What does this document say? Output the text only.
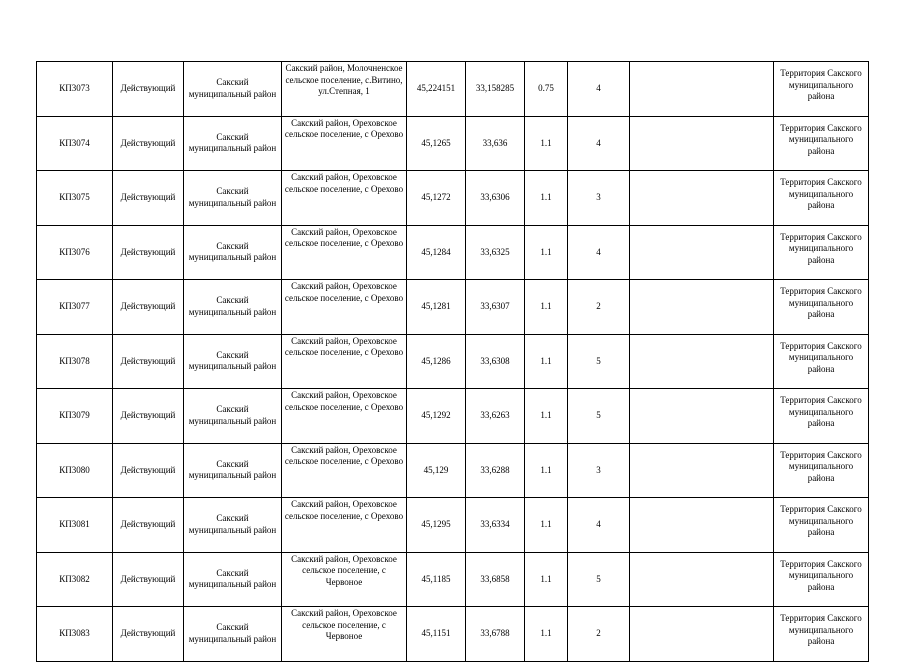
КП3073	Действующий	Сакский муниципальный район	Сакский район, Молочненское сельское поселение, с.Витино, ул.Степная, 1	45,224151	33,158285	0.75	4		Территория Сакского муниципального района
КП3074	Действующий	Сакский муниципальный район	Сакский район, Ореховское сельское поселение, с Орехово	45,1265	33,636	1.1	4		Территория Сакского муниципального района
КП3075	Действующий	Сакский муниципальный район	Сакский район, Ореховское сельское поселение, с Орехово	45,1272	33,6306	1.1	3		Территория Сакского муниципального района
КП3076	Действующий	Сакский муниципальный район	Сакский район, Ореховское сельское поселение, с Орехово	45,1284	33,6325	1.1	4		Территория Сакского муниципального района
КП3077	Действующий	Сакский муниципальный район	Сакский район, Ореховское сельское поселение, с Орехово	45,1281	33,6307	1.1	2		Территория Сакского муниципального района
КП3078	Действующий	Сакский муниципальный район	Сакский район, Ореховское сельское поселение, с Орехово	45,1286	33,6308	1.1	5		Территория Сакского муниципального района
КП3079	Действующий	Сакский муниципальный район	Сакский район, Ореховское сельское поселение, с Орехово	45,1292	33,6263	1.1	5		Территория Сакского муниципального района
КП3080	Действующий	Сакский муниципальный район	Сакский район, Ореховское сельское поселение, с Орехово	45,129	33,6288	1.1	3		Территория Сакского муниципального района
КП3081	Действующий	Сакский муниципальный район	Сакский район, Ореховское сельское поселение, с Орехово	45,1295	33,6334	1.1	4		Территория Сакского муниципального района
КП3082	Действующий	Сакский муниципальный район	Сакский район, Ореховское сельское поселение, с Червоное	45,1185	33,6858	1.1	5		Территория Сакского муниципального района
КП3083	Действующий	Сакский муниципальный район	Сакский район, Ореховское сельское поселение, с Червоное	45,1151	33,6788	1.1	2		Территория Сакского муниципального района
